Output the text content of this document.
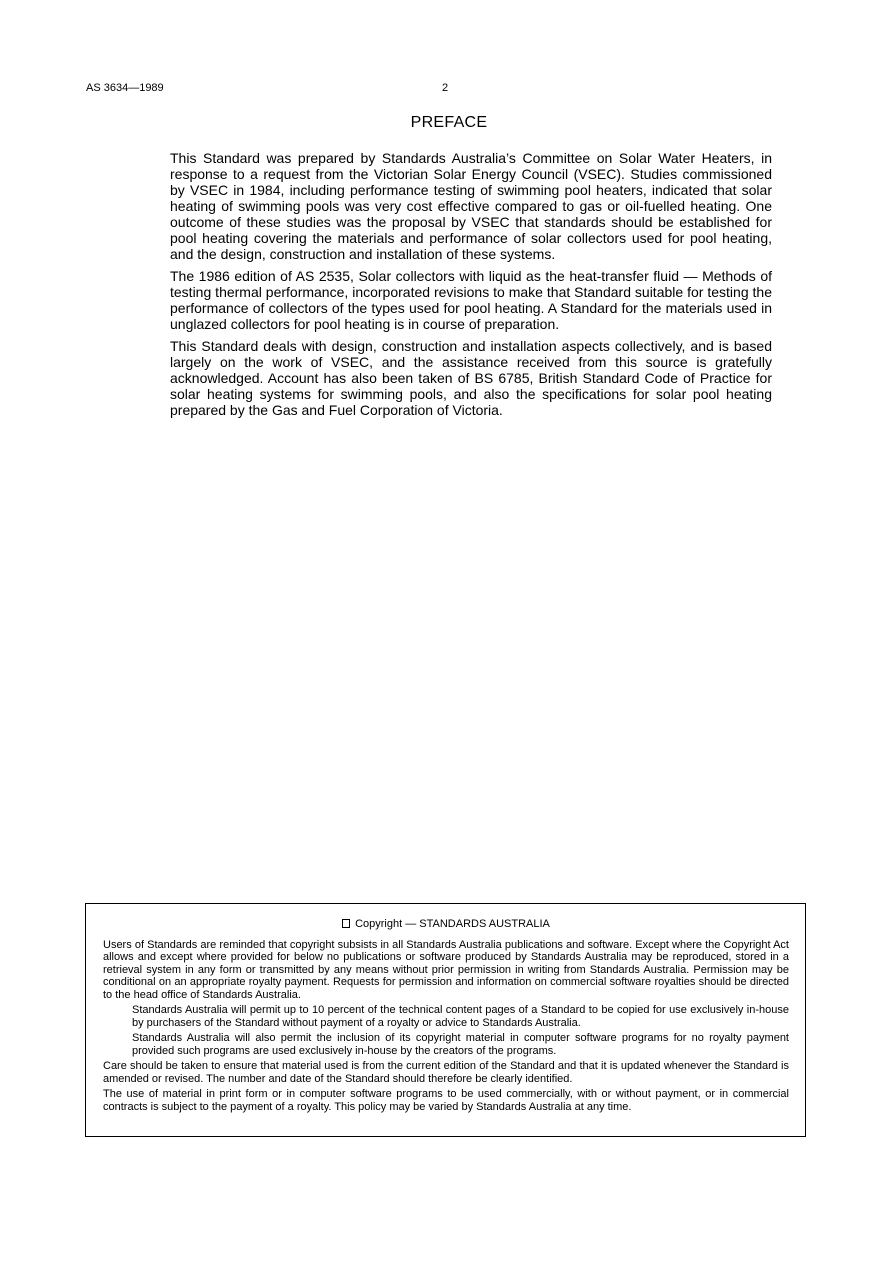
AS 3634—1989	2
PREFACE

This Standard was prepared by Standards Australia’s Committee on Solar Water Heaters, in response to a request from the Victorian Solar Energy Council (VSEC). Studies commissioned by VSEC in 1984, including performance testing of swimming pool heaters, indicated that solar heating of swimming pools was very cost effective compared to gas or oil-fuelled heating. One outcome of these studies was the proposal by VSEC that standards should be established for pool heating covering the materials and performance of solar collectors used for pool heating, and the design, construction and installation of these systems.

The 1986 edition of AS 2535, Solar collectors with liquid as the heat-transfer fluid — Methods of testing thermal performance, incorporated revisions to make that Standard suitable for testing the performance of collectors of the types used for pool heating. A Standard for the materials used in unglazed collectors for pool heating is in course of preparation.

This Standard deals with design, construction and installation aspects collectively, and is based largely on the work of VSEC, and the assistance received from this source is gratefully acknowledged. Account has also been taken of BS 6785, British Standard Code of Practice for solar heating systems for swimming pools, and also the specifications for solar pool heating prepared by the Gas and Fuel Corporation of Victoria.

Copyright — STANDARDS AUSTRALIA

Users of Standards are reminded that copyright subsists in all Standards Australia publications and software. Except where the Copyright Act allows and except where provided for below no publications or software produced by Standards Australia may be reproduced, stored in a retrieval system in any form or transmitted by any means without prior permission in writing from Standards Australia. Permission may be conditional on an appropriate royalty payment. Requests for permission and information on commercial software royalties should be directed to the head office of Standards Australia.

Standards Australia will permit up to 10 percent of the technical content pages of a Standard to be copied for use exclusively in-house by purchasers of the Standard without payment of a royalty or advice to Standards Australia.

Standards Australia will also permit the inclusion of its copyright material in computer software programs for no royalty payment provided such programs are used exclusively in-house by the creators of the programs.

Care should be taken to ensure that material used is from the current edition of the Standard and that it is updated whenever the Standard is amended or revised. The number and date of the Standard should therefore be clearly identified.

The use of material in print form or in computer software programs to be used commercially, with or without payment, or in commercial contracts is subject to the payment of a royalty. This policy may be varied by Standards Australia at any time.
